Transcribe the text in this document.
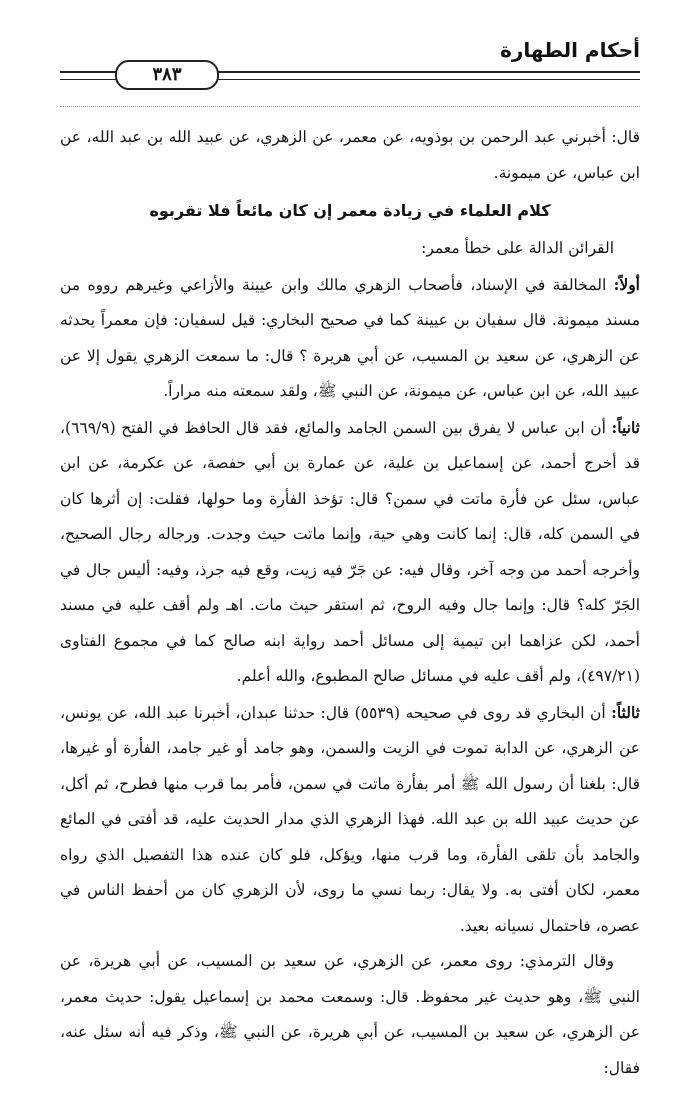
أحكام الطهارة
٣٨٣

قال: أخبرني عبد الرحمن بن بوذويه، عن معمر، عن الزهري، عن عبيد الله بن عبد الله، عن ابن عباس، عن ميمونة.

كلام العلماء في زيادة معمر إن كان مائعاً فلا تقربوه

القرائن الدالة على خطأ معمر:

أولاً: المخالفة في الإسناد، فأصحاب الزهري مالك وابن عيينة والأزاعي وغيرهم رووه من مسند ميمونة. قال سفيان بن عيينة كما في صحيح البخاري: قيل لسفيان: فإن معمراً يحدثه عن الزهري، عن سعيد بن المسيب، عن أبي هريرة ؟ قال: ما سمعت الزهري يقول إلا عن عبيد الله، عن ابن عباس، عن ميمونة، عن النبي ﷺ، ولقد سمعته منه مراراً.

ثانياً: أن ابن عباس لا يفرق بين السمن الجامد والمائع، فقد قال الحافظ في الفتح (٦٦٩/٩)، قد أخرج أحمد، عن إسماعيل بن علية، عن عمارة بن أبي حفصة، عن عكرمة، عن ابن عباس، سئل عن فأرة ماتت في سمن؟ قال: تؤخذ الفأرة وما حولها، فقلت: إن أثرها كان في السمن كله، قال: إنما كانت وهي حية، وإنما ماتت حيث وجدت. ورجاله رجال الصحيح، وأخرجه أحمد من وجه آخر، وقال فيه: عن جَرّ فيه زيت، وقع فيه جرذ، وفيه: أليس جال في الجَرّ كله؟ قال: وإنما جال وفيه الروح، ثم استقر حيث مات. اهـ ولم أقف عليه في مسند أحمد، لكن عزاهما ابن تيمية إلى مسائل أحمد رواية ابنه صالح كما في مجموع الفتاوى (٤٩٧/٢١)، ولم أقف عليه في مسائل صالح المطبوع، والله أعلم.

ثالثاً: أن البخاري قد روى في صحيحه (٥٥٣٩) قال: حدثنا عبدان، أخبرنا عبد الله، عن يونس، عن الزهري، عن الدابة تموت في الزيت والسمن، وهو جامد أو غير جامد، الفأرة أو غيرها، قال: بلغنا أن رسول الله ﷺ أمر بفأرة ماتت في سمن، فأمر بما قرب منها فطرح، ثم أكل، عن حديث عبيد الله بن عبد الله. فهذا الزهري الذي مدار الحديث عليه، قد أفتى في المائع والجامد بأن تلقى الفأرة، وما قرب منها، ويؤكل، فلو كان عنده هذا التفصيل الذي رواه معمر، لكان أفتى به. ولا يقال: ربما نسي ما روى، لأن الزهري كان من أحفظ الناس في عصره، فاحتمال نسيانه بعيد.

وقال الترمذي: روى معمر، عن الزهري، عن سعيد بن المسيب، عن أبي هريرة، عن النبي ﷺ، وهو حديث غير محفوظ. قال: وسمعت محمد بن إسماعيل يقول: حديث معمر، عن الزهري، عن سعيد بن المسيب، عن أبي هريرة، عن النبي ﷺ، وذكر فيه أنه سئل عنه، فقال:
